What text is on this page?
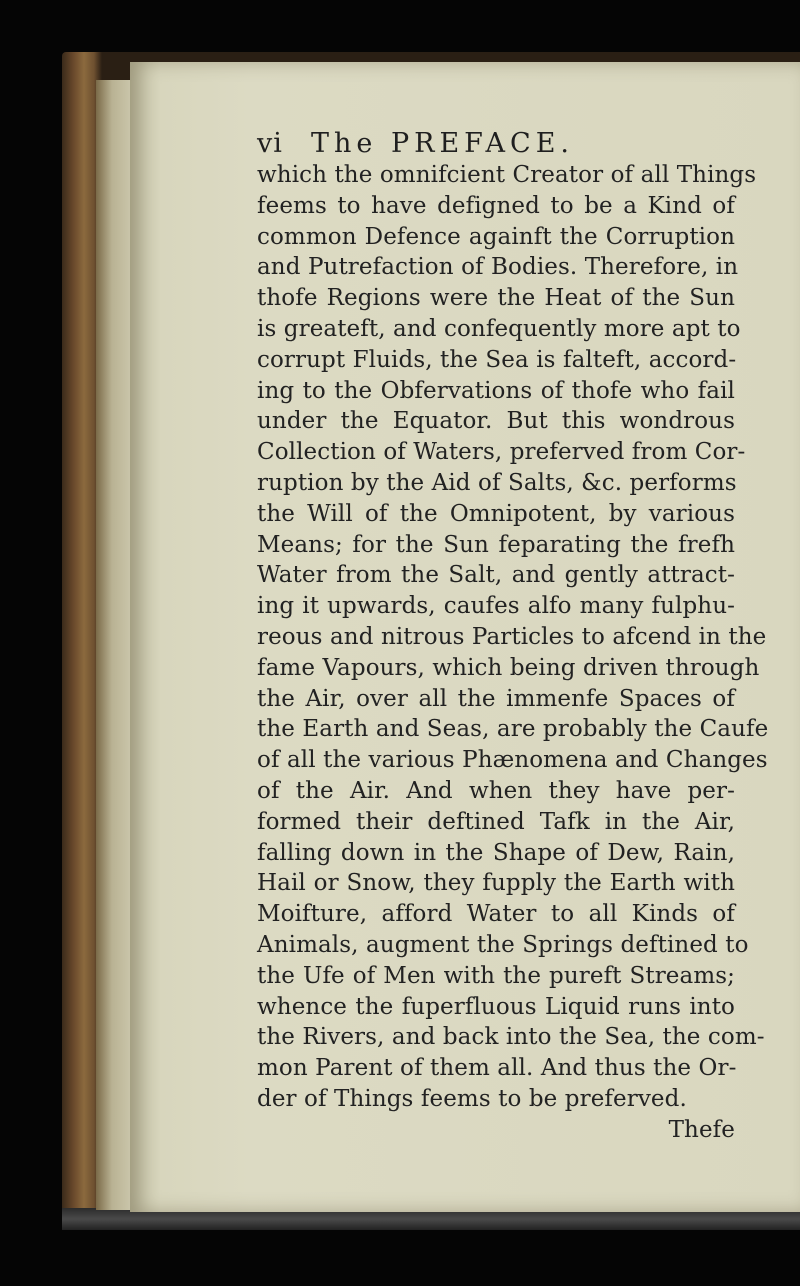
vi The PREFACE.
which the omnifcient Creator of all Things
feems to have defigned to be a Kind of
common Defence againft the Corruption
and Putrefaction of Bodies. Therefore, in
thofe Regions were the Heat of the Sun
is greateft, and confequently more apt to
corrupt Fluids, the Sea is falteft, accord-
ing to the Obfervations of thofe who fail
under the Equator. But this wondrous
Collection of Waters, preferved from Cor-
ruption by the Aid of Salts, &c. performs
the Will of the Omnipotent, by various
Means; for the Sun feparating the frefh
Water from the Salt, and gently attract-
ing it upwards, caufes alfo many fulphu-
reous and nitrous Particles to afcend in the
fame Vapours, which being driven through
the Air, over all the immenfe Spaces of
the Earth and Seas, are probably the Caufe
of all the various Phænomena and Changes
of the Air. And when they have per-
formed their deftined Tafk in the Air,
falling down in the Shape of Dew, Rain,
Hail or Snow, they fupply the Earth with
Moifture, afford Water to all Kinds of
Animals, augment the Springs deftined to
the Ufe of Men with the pureft Streams;
whence the fuperfluous Liquid runs into
the Rivers, and back into the Sea, the com-
mon Parent of them all. And thus the Or-
der of Things feems to be preferved.
Thefe
